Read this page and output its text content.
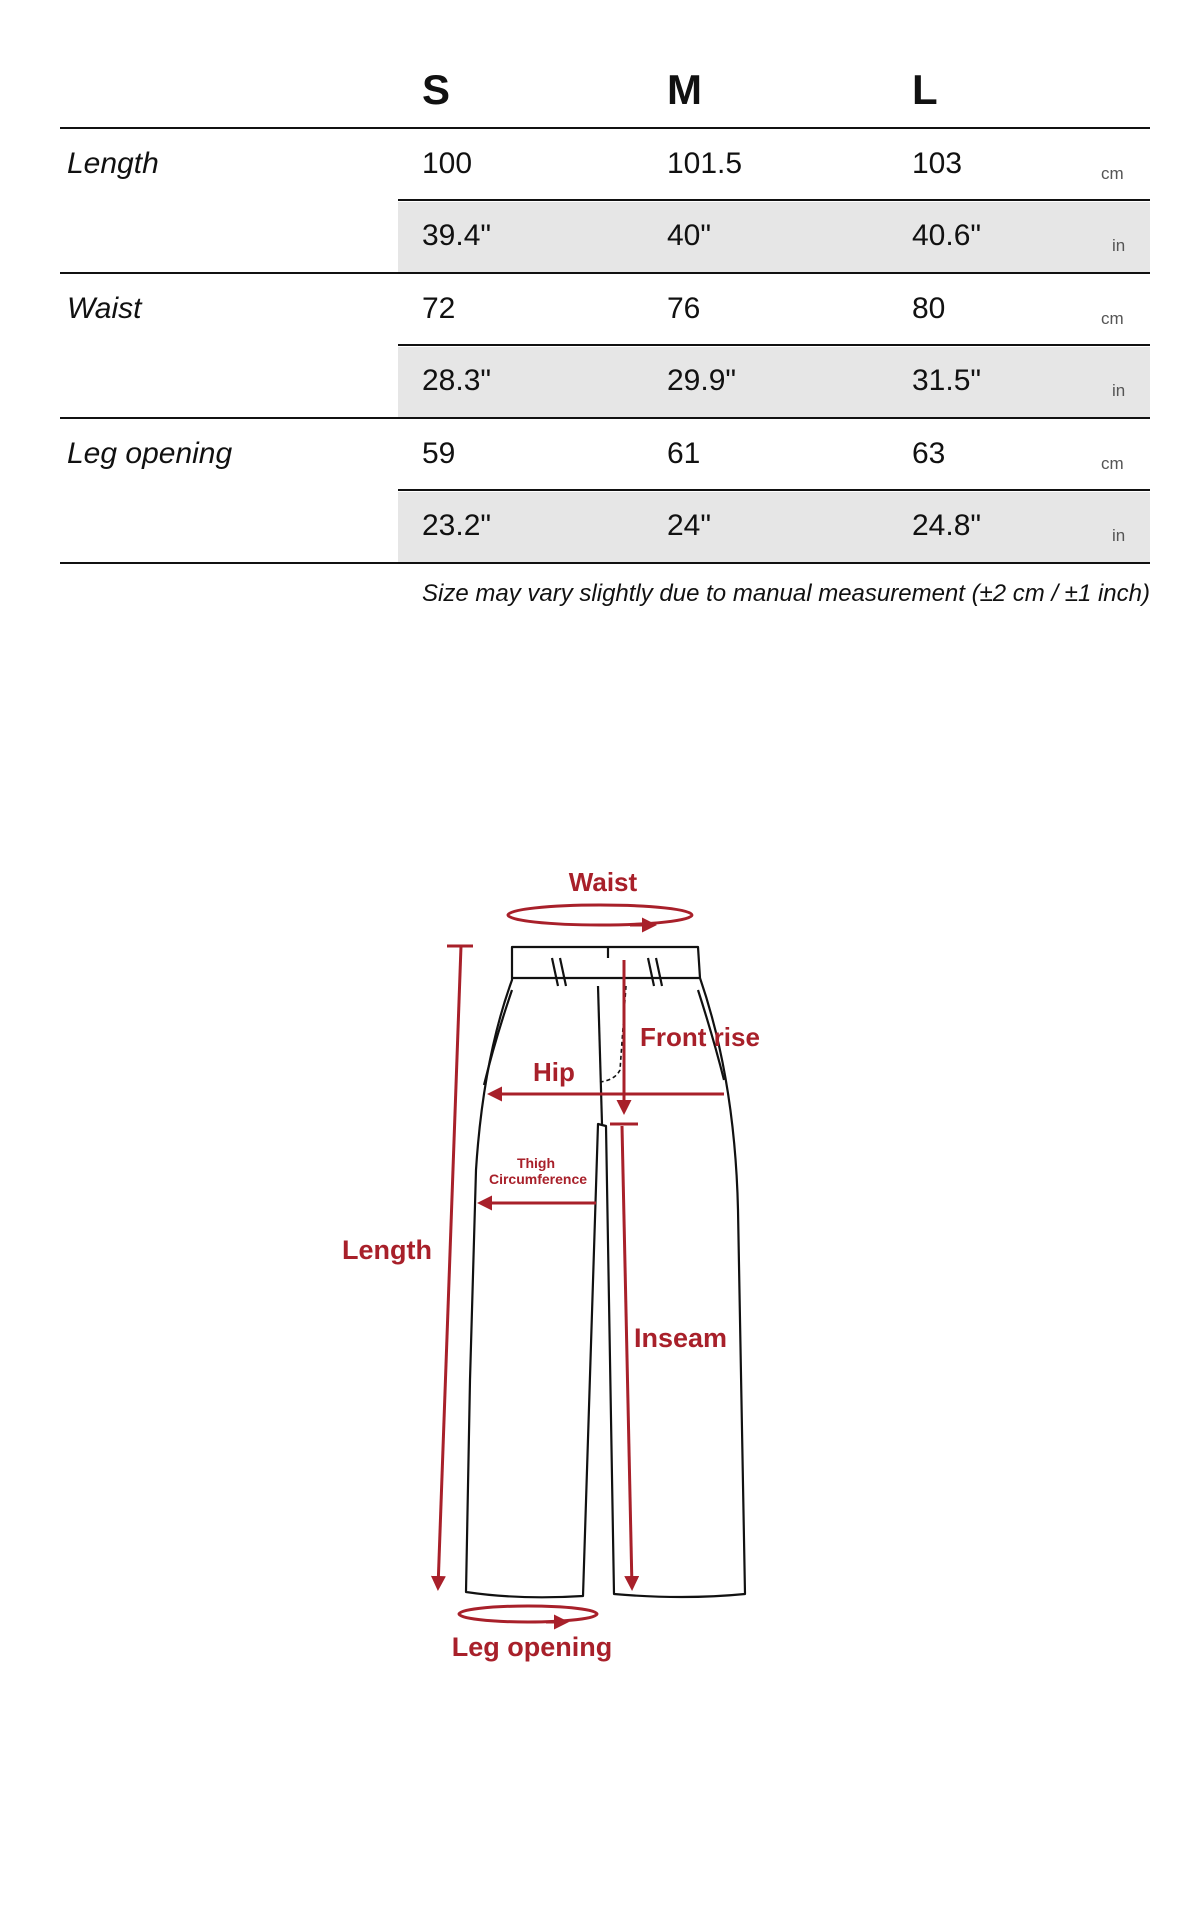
S	M	L
Length	100	101.5	103	cm
39.4"	40"	40.6"	in
Waist	72	76	80	cm
28.3"	29.9"	31.5"	in
Leg opening	59	61	63	cm
23.2"	24"	24.8"	in
Size may vary slightly due to manual measurement (±2 cm / ±1 inch)
Waist
Front rise
Hip
Thigh
Circumference
Length
Inseam
Leg opening
